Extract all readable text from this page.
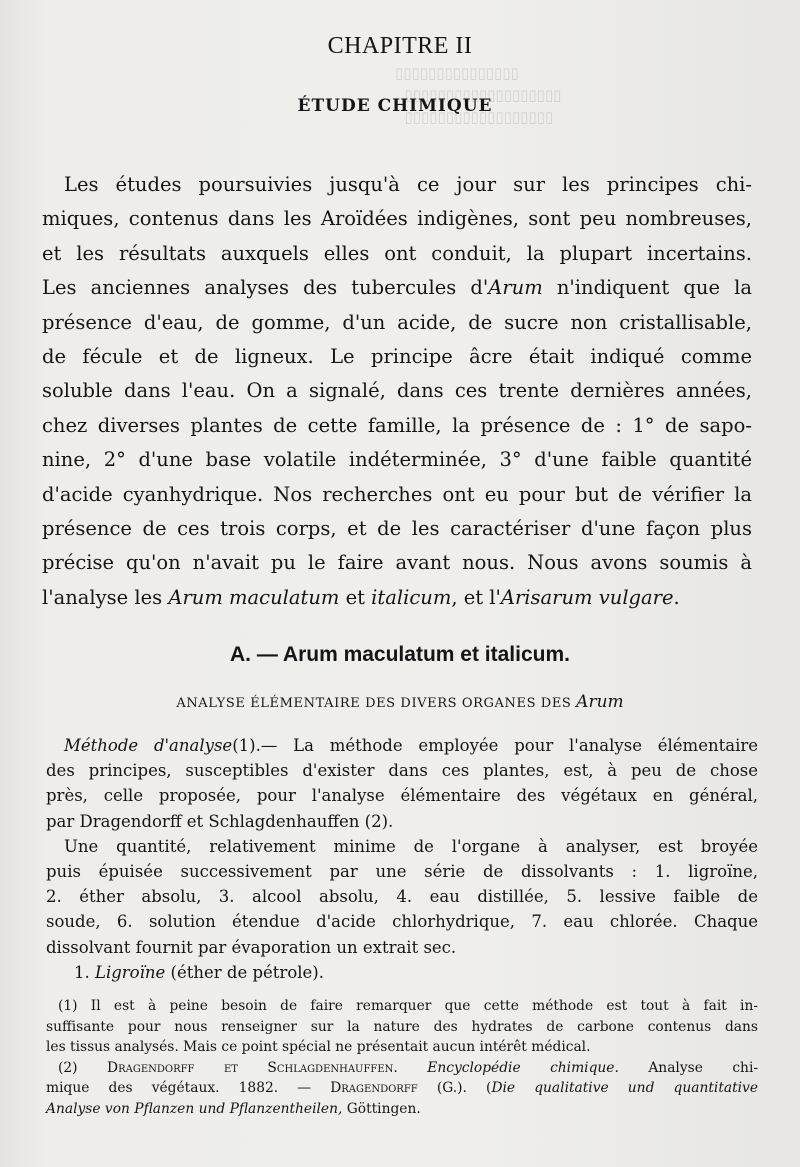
▯▯▯▯▯▯▯▯▯▯▯▯▯▯▯
▯▯▯▯▯▯▯▯▯▯▯▯▯▯▯▯▯▯▯
▯▯▯▯▯▯▯▯▯▯▯▯▯▯▯▯▯▯
CHAPITRE II
ÉTUDE CHIMIQUE
Les études poursuivies jusqu'à ce jour sur les principes chi-
miques, contenus dans les Aroïdées indigènes, sont peu nombreuses,
et les résultats auxquels elles ont conduit, la plupart incertains.
Les anciennes analyses des tubercules d'Arum n'indiquent que la
présence d'eau, de gomme, d'un acide, de sucre non cristallisable,
de fécule et de ligneux. Le principe âcre était indiqué comme
soluble dans l'eau. On a signalé, dans ces trente dernières années,
chez diverses plantes de cette famille, la présence de : 1° de sapo-
nine, 2° d'une base volatile indéterminée, 3° d'une faible quantité
d'acide cyanhydrique. Nos recherches ont eu pour but de vérifier la
présence de ces trois corps, et de les caractériser d'une façon plus
précise qu'on n'avait pu le faire avant nous. Nous avons soumis à
l'analyse les Arum maculatum et italicum, et l'Arisarum vulgare.
A. — Arum maculatum et italicum.
ANALYSE ÉLÉMENTAIRE DES DIVERS ORGANES DES Arum
Méthode d'analyse(1).— La méthode employée pour l'analyse élémentaire
des principes, susceptibles d'exister dans ces plantes, est, à peu de chose
près, celle proposée, pour l'analyse élémentaire des végétaux en général,
par Dragendorff et Schlagdenhauffen (2).
Une quantité, relativement minime de l'organe à analyser, est broyée
puis épuisée successivement par une série de dissolvants : 1. ligroïne,
2. éther absolu, 3. alcool absolu, 4. eau distillée, 5. lessive faible de
soude, 6. solution étendue d'acide chlorhydrique, 7. eau chlorée. Chaque
dissolvant fournit par évaporation un extrait sec.
1. Ligroïne (éther de pétrole).
(1) Il est à peine besoin de faire remarquer que cette méthode est tout à fait in-
suffisante pour nous renseigner sur la nature des hydrates de carbone contenus dans
les tissus analysés. Mais ce point spécial ne présentait aucun intérêt médical.
(2) Dragendorff et Schlagdenhauffen. Encyclopédie chimique. Analyse chi-
mique des végétaux. 1882. — Dragendorff (G.). (Die qualitative und quantitative
Analyse von Pflanzen und Pflanzentheilen, Göttingen.
